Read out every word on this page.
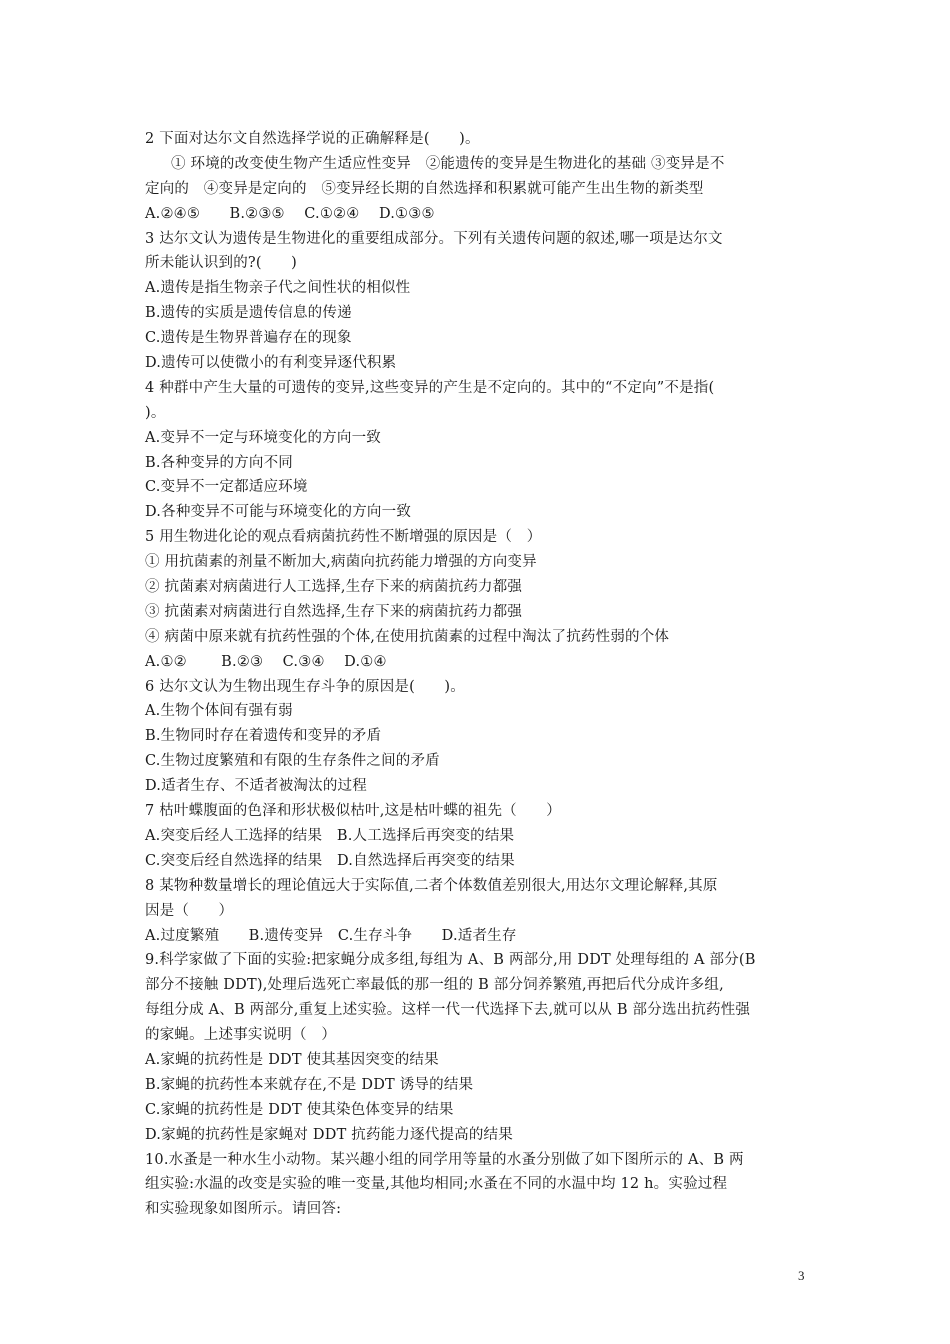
2 下面对达尔文自然选择学说的正确解释是(　　)。
① 环境的改变使生物产生适应性变异　②能遗传的变异是生物进化的基础 ③变异是不
定向的　④变异是定向的　⑤变异经长期的自然选择和积累就可能产生出生物的新类型
A.②④⑤　　B.②③⑤　 C.①②④　 D.①③⑤
3 达尔文认为遗传是生物进化的重要组成部分。下列有关遗传问题的叙述,哪一项是达尔文
所未能认识到的?(　　)
A.遗传是指生物亲子代之间性状的相似性
B.遗传的实质是遗传信息的传递
C.遗传是生物界普遍存在的现象
D.遗传可以使微小的有利变异逐代积累
4 种群中产生大量的可遗传的变异,这些变异的产生是不定向的。其中的“不定向”不是指(
)。
A.变异不一定与环境变化的方向一致
B.各种变异的方向不同
C.变异不一定都适应环境
D.各种变异不可能与环境变化的方向一致
5 用生物进化论的观点看病菌抗药性不断增强的原因是（　）
① 用抗菌素的剂量不断加大,病菌向抗药能力增强的方向变异
② 抗菌素对病菌进行人工选择,生存下来的病菌抗药力都强
③ 抗菌素对病菌进行自然选择,生存下来的病菌抗药力都强
④ 病菌中原来就有抗药性强的个体,在使用抗菌素的过程中淘汰了抗药性弱的个体
A.①②　　 B.②③　 C.③④　 D.①④
6 达尔文认为生物出现生存斗争的原因是(　　)。
A.生物个体间有强有弱
B.生物同时存在着遗传和变异的矛盾
C.生物过度繁殖和有限的生存条件之间的矛盾
D.适者生存、不适者被淘汰的过程
7 枯叶蝶腹面的色泽和形状极似枯叶,这是枯叶蝶的祖先（　　）
A.突变后经人工选择的结果　B.人工选择后再突变的结果
C.突变后经自然选择的结果　D.自然选择后再突变的结果
8 某物种数量增长的理论值远大于实际值,二者个体数值差别很大,用达尔文理论解释,其原
因是（　　）
A.过度繁殖　　B.遗传变异　C.生存斗争　　D.适者生存
9.科学家做了下面的实验:把家蝇分成多组,每组为 A、B 两部分,用 DDT 处理每组的 A 部分(B
部分不接触 DDT),处理后选死亡率最低的那一组的 B 部分饲养繁殖,再把后代分成许多组,
每组分成 A、B 两部分,重复上述实验。这样一代一代选择下去,就可以从 B 部分选出抗药性强
的家蝇。上述事实说明（　）
A.家蝇的抗药性是 DDT 使其基因突变的结果
B.家蝇的抗药性本来就存在,不是 DDT 诱导的结果
C.家蝇的抗药性是 DDT 使其染色体变异的结果
D.家蝇的抗药性是家蝇对 DDT 抗药能力逐代提高的结果
10.水蚤是一种水生小动物。某兴趣小组的同学用等量的水蚤分别做了如下图所示的 A、B 两
组实验:水温的改变是实验的唯一变量,其他均相同;水蚤在不同的水温中均 12 h。实验过程
和实验现象如图所示。请回答:
3
